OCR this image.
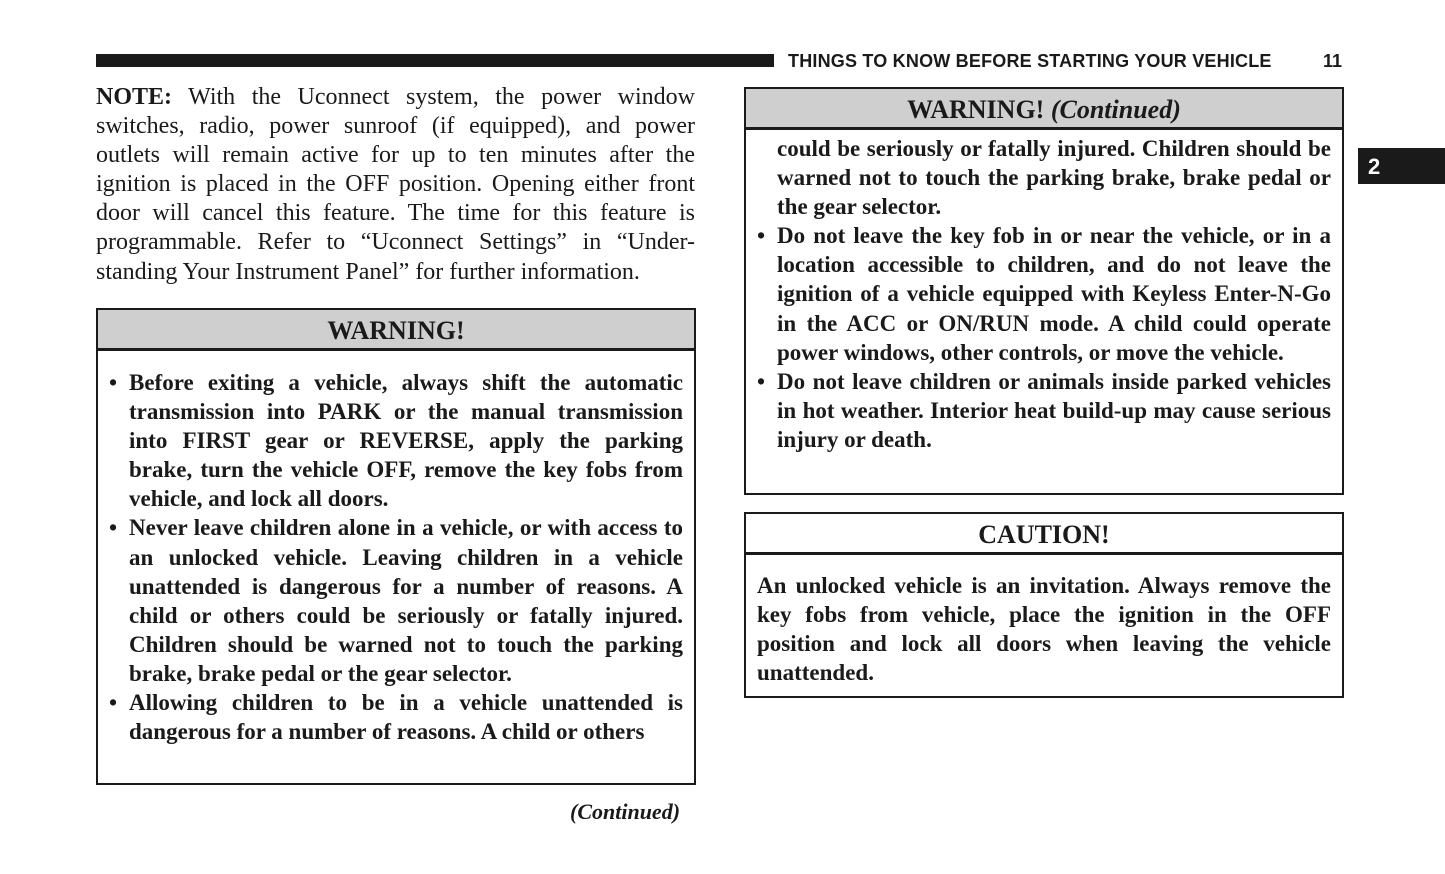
THINGS TO KNOW BEFORE STARTING YOUR VEHICLE	11
2

NOTE: With the Uconnect system, the power window switches, radio, power sunroof (if equipped), and power outlets will remain active for up to ten minutes after the ignition is placed in the OFF position. Opening either front door will cancel this feature. The time for this feature is programmable. Refer to “Uconnect Settings” in “Under-standing Your Instrument Panel” for further information.

WARNING!
• Before exiting a vehicle, always shift the automatic transmission into PARK or the manual transmission into FIRST gear or REVERSE, apply the parking brake, turn the vehicle OFF, remove the key fobs from vehicle, and lock all doors.
• Never leave children alone in a vehicle, or with access to an unlocked vehicle. Leaving children in a vehicle unattended is dangerous for a number of reasons. A child or others could be seriously or fatally injured. Children should be warned not to touch the parking brake, brake pedal or the gear selector.
• Allowing children to be in a vehicle unattended is dangerous for a number of reasons. A child or others
(Continued)
WARNING! (Continued)

could be seriously or fatally injured. Children should be warned not to touch the parking brake, brake pedal or the gear selector.

• Do not leave the key fob in or near the vehicle, or in a location accessible to children, and do not leave the ignition of a vehicle equipped with Keyless Enter-N-Go in the ACC or ON/RUN mode. A child could operate power windows, other controls, or move the vehicle.
• Do not leave children or animals inside parked vehicles in hot weather. Interior heat build-up may cause serious injury or death.
CAUTION!
An unlocked vehicle is an invitation. Always remove the key fobs from vehicle, place the ignition in the OFF position and lock all doors when leaving the vehicle unattended.
